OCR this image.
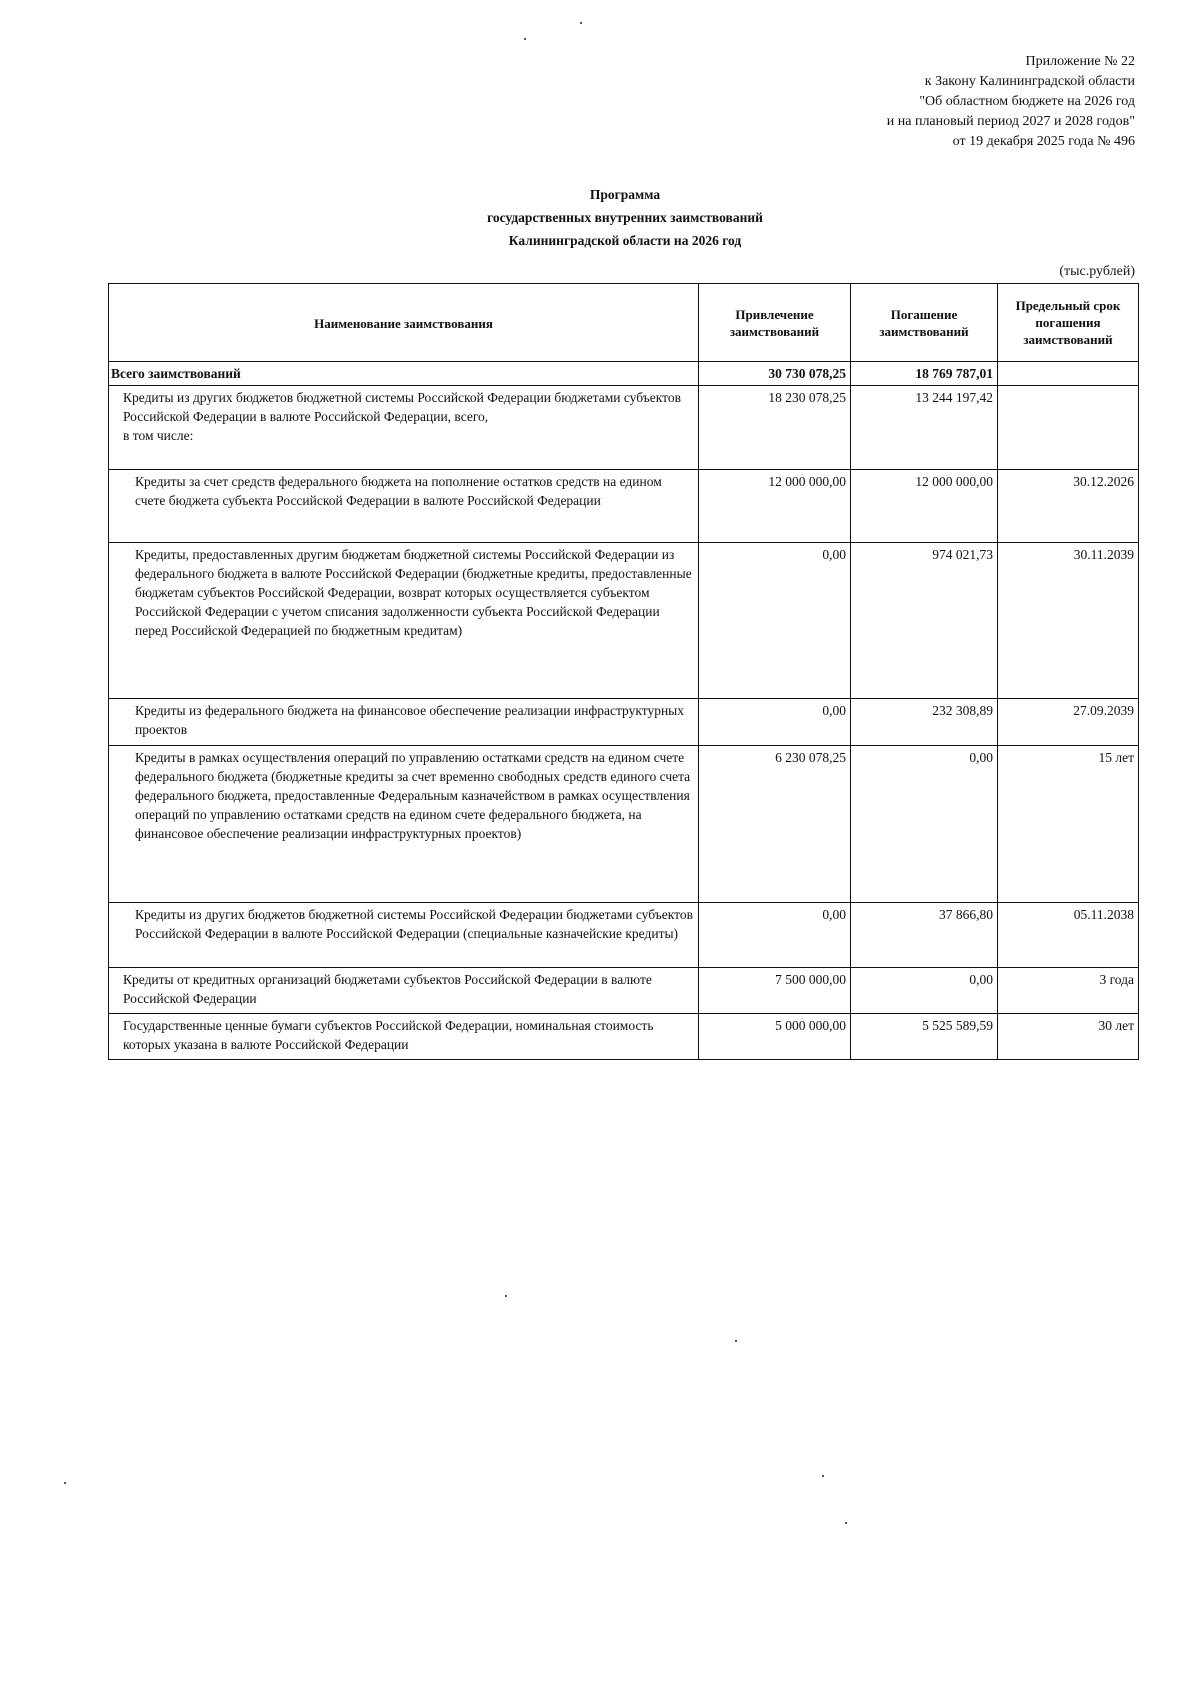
Приложение № 22
к Закону Калининградской области
"Об областном бюджете на 2026 год
и на плановый период 2027 и 2028 годов"
от 19 декабря 2025 года № 496
Программа
государственных внутренних заимствований
Калининградской области на 2026 год
(тыс.рублей)
Наименование заимствования	Привлечение заимствований	Погашение заимствований	Предельный срок погашения заимствований
Всего заимствований	30 730 078,25	18 769 787,01	

Кредиты из других бюджетов бюджетной системы Российской Федерации бюджетами субъектов Российской Федерации в валюте Российской Федерации, всего,
в том числе:	18 230 078,25	13 244 197,42	
Кредиты за счет средств федерального бюджета на пополнение остатков средств на едином счете бюджета субъекта Российской Федерации в валюте Российской Федерации	12 000 000,00	12 000 000,00	30.12.2026
Кредиты, предоставленных другим бюджетам бюджетной системы Российской Федерации из федерального бюджета в валюте Российской Федерации (бюджетные кредиты, предоставленные бюджетам субъектов Российской Федерации, возврат которых осуществляется субъектом Российской Федерации с учетом списания задолженности субъекта Российской Федерации перед Российской Федерацией по бюджетным кредитам)	0,00	974 021,73	30.11.2039
Кредиты из федерального бюджета на финансовое обеспечение реализации инфраструктурных проектов	0,00	232 308,89	27.09.2039
Кредиты в рамках осуществления операций по управлению остатками средств на едином счете федерального бюджета (бюджетные кредиты за счет временно свободных средств единого счета федерального бюджета, предоставленные Федеральным казначейством в рамках осуществления операций по управлению остатками средств на едином счете федерального бюджета, на финансовое обеспечение реализации инфраструктурных проектов)	6 230 078,25	0,00	15 лет
Кредиты из других бюджетов бюджетной системы Российской Федерации бюджетами субъектов Российской Федерации в валюте Российской Федерации (специальные казначейские кредиты)	0,00	37 866,80	05.11.2038
Кредиты от кредитных организаций бюджетами субъектов Российской Федерации в валюте Российской Федерации	7 500 000,00	0,00	3 года
Государственные ценные бумаги субъектов Российской Федерации, номинальная стоимость которых указана в валюте Российской Федерации	5 000 000,00	5 525 589,59	30 лет
